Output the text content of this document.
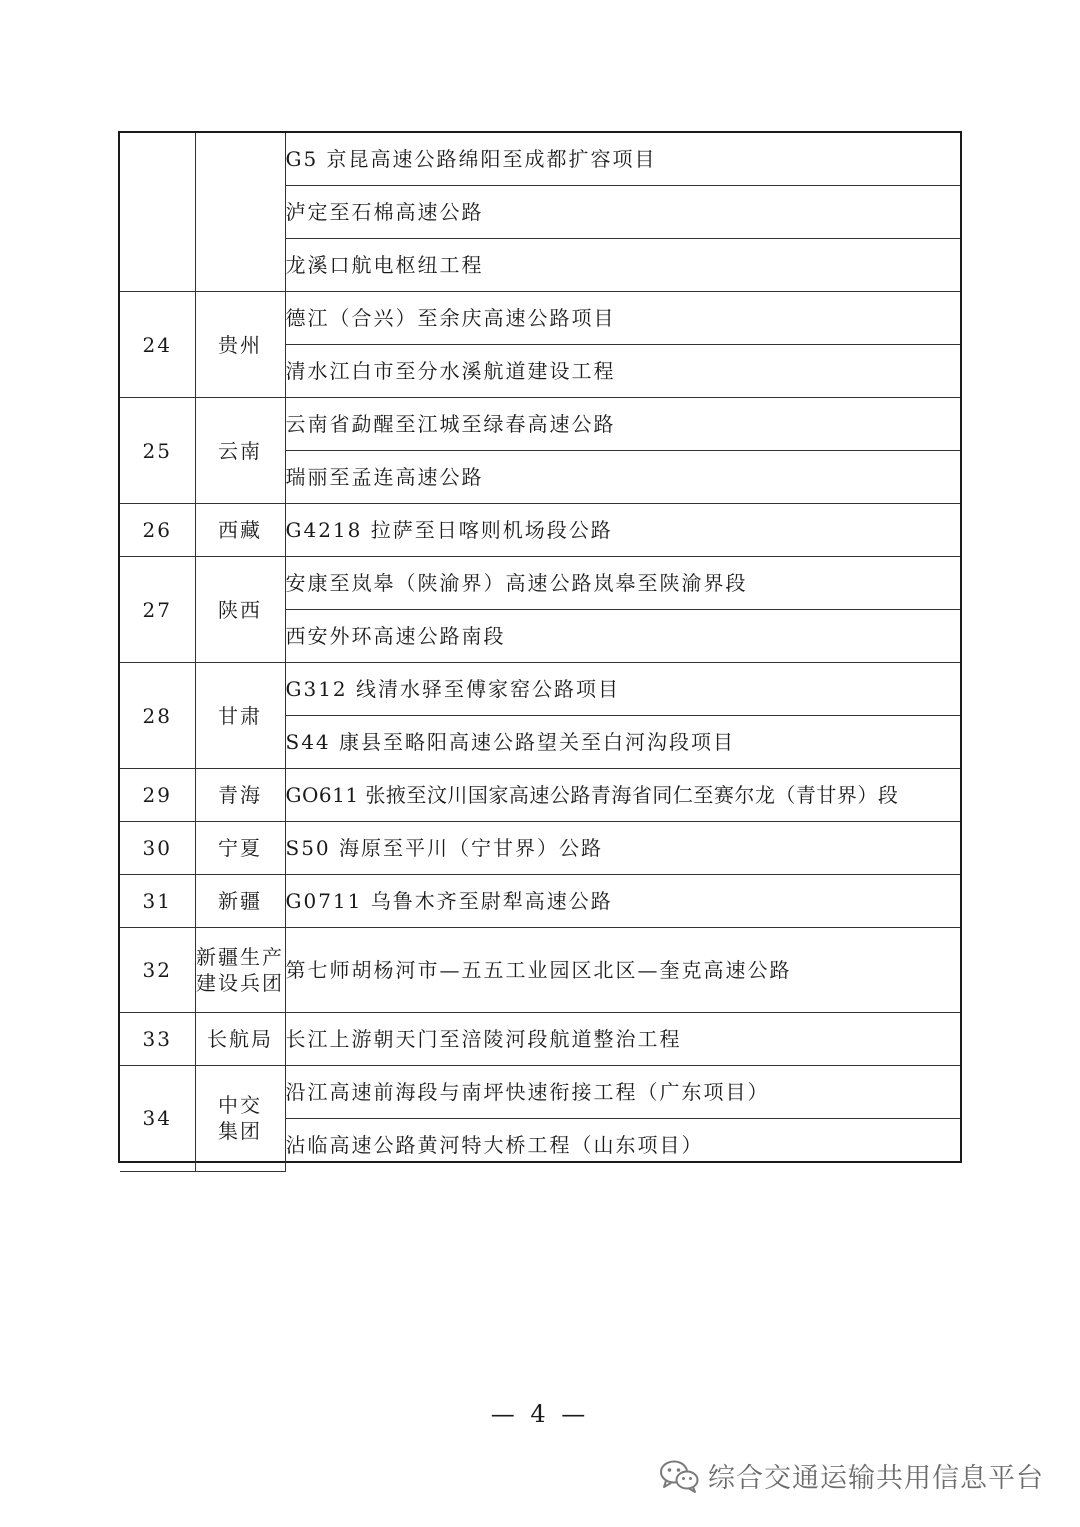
		G5 京昆高速公路绵阳至成都扩容项目
		泸定至石棉高速公路
		龙溪口航电枢纽工程
24	贵州	德江（合兴）至余庆高速公路项目
		清水江白市至分水溪航道建设工程
25	云南	云南省勐醒至江城至绿春高速公路
		瑞丽至孟连高速公路
26	西藏	G4218 拉萨至日喀则机场段公路
27	陕西	安康至岚皋（陕渝界）高速公路岚皋至陕渝界段
		西安外环高速公路南段
28	甘肃	G312 线清水驿至傅家窑公路项目
		S44 康县至略阳高速公路望关至白河沟段项目
29	青海	GO611 张掖至汶川国家高速公路青海省同仁至赛尔龙（青甘界）段
30	宁夏	S50 海原至平川（宁甘界）公路
31	新疆	G0711 乌鲁木齐至尉犁高速公路
32	新疆生产建设兵团	第七师胡杨河市—五五工业园区北区—奎克高速公路
33	长航局	长江上游朝天门至涪陵河段航道整治工程
34	中交集团	沿江高速前海段与南坪快速衔接工程（广东项目）
		沾临高速公路黄河特大桥工程（山东项目）
— 4 —
综合交通运输共用信息平台
